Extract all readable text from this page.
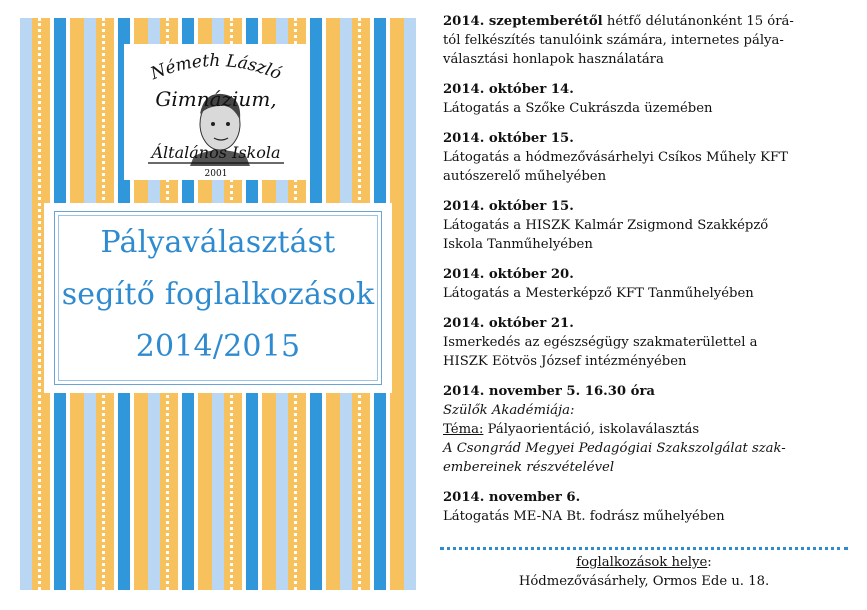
Németh László
Gimnázium,
Általános Iskola
2001
Pályaválasztást
segítő foglalkozások
2014/2015
2014. szeptemberétől hétfő délutánonként 15 órá-
tól felkészítés tanulóink számára, internetes pálya-
választási honlapok használatára
2014. október 14.
Látogatás a Szőke Cukrászda üzemében
2014. október 15.
Látogatás a hódmezővásárhelyi Csíkos Műhely KFT
autószerelő műhelyében
2014. október 15.
Látogatás a HISZK Kalmár Zsigmond Szakképző
Iskola Tanműhelyében
2014. október 20.
Látogatás a Mesterképző KFT Tanműhelyében
2014. október 21.
Ismerkedés az egészségügy szakmaterülettel a
HISZK Eötvös József intézményében
2014. november 5. 16.30 óra
Szülők Akadémiája:
Téma: Pályaorientáció, iskolaválasztás
A Csongrád Megyei Pedagógiai Szakszolgálat szak-
embereinek részvételével
2014. november 6.
Látogatás ME-NA Bt. fodrász műhelyében
foglalkozások helye:
Hódmezővásárhely, Ormos Ede u. 18.
